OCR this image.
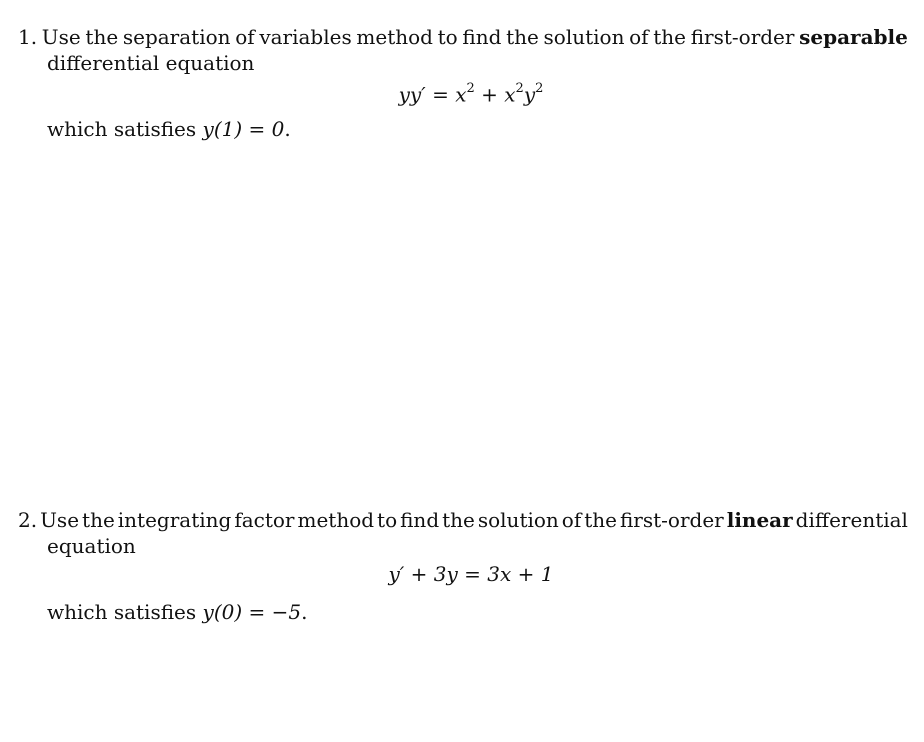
1. Use the separation of variables method to find the solution of the first-order separable
differential equation
$yy' = x^2 + x^2y^2$
which satisfies y(1) = 0.
2. Use the integrating factor method to find the solution of the first-order linear differential
equation
y′ + 3y = 3x + 1
which satisfies y(0) = −5.
